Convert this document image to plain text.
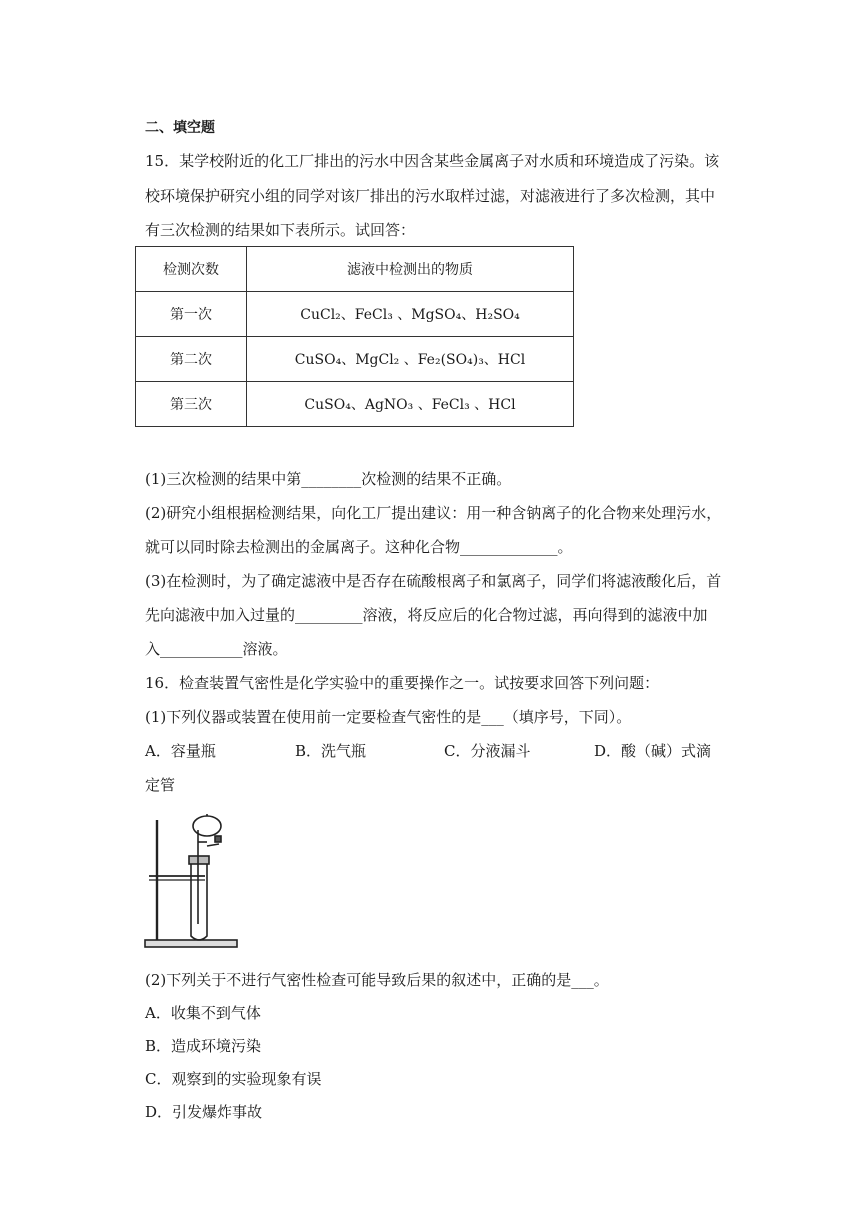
二、填空题
15．某学校附近的化工厂排出的污水中因含某些金属离子对水质和环境造成了污染。该
校环境保护研究小组的同学对该厂排出的污水取样过滤，对滤液进行了多次检测，其中
有三次检测的结果如下表所示。试回答：
检测次数	滤液中检测出的物质
第一次	CuCl₂、FeCl₃ 、MgSO₄、H₂SO₄
第二次	CuSO₄、MgCl₂ 、Fe₂(SO₄)₃、HCl
第三次	CuSO₄、AgNO₃ 、FeCl₃ 、HCl
(1)三次检测的结果中第________次检测的结果不正确。
(2)研究小组根据检测结果，向化工厂提出建议：用一种含钠离子的化合物来处理污水，
就可以同时除去检测出的金属离子。这种化合物_____________。
(3)在检测时，为了确定滤液中是否存在硫酸根离子和氯离子，同学们将滤液酸化后，首
先向滤液中加入过量的_________溶液，将反应后的化合物过滤，再向得到的滤液中加
入___________溶液。
16．检查装置气密性是化学实验中的重要操作之一。试按要求回答下列问题：
(1)下列仪器或装置在使用前一定要检查气密性的是___（填序号，下同）。
A．容量瓶	B．洗气瓶	C．分液漏斗	D．酸（碱）式滴
定管
(2)下列关于不进行气密性检查可能导致后果的叙述中，正确的是___。
A．收集不到气体
B．造成环境污染
C．观察到的实验现象有误
D．引发爆炸事故
